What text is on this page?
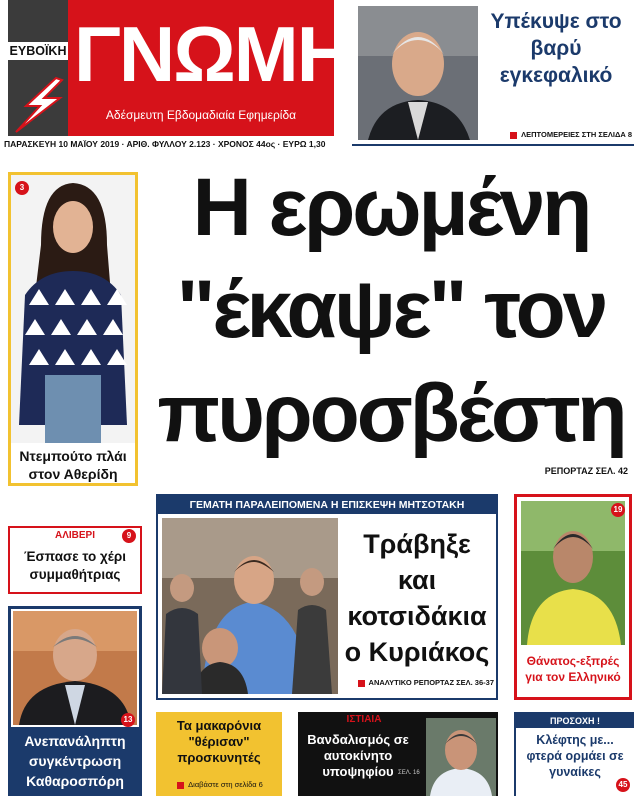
ΕΥΒΟΪΚΗ ΓΝΩΜΗ
Αδέσμευτη Εβδομαδιαία Εφημερίδα
ΠΑΡΑΣΚΕΥΗ 10 ΜΑΪΟΥ 2019 · ΑΡΙΘ. ΦΥΛΛΟΥ 2.123 · ΧΡΟΝΟΣ 44ος · ΕΥΡΩ 1,30
Υπέκυψε στο βαρύ εγκεφαλικό
ΛΕΠΤΟΜΕΡΕΙΕΣ ΣΤΗ ΣΕΛΙΔΑ 8
3
Ντεμπούτο πλάι στον Αθερίδη
Η ερωμένη
"έκαψε" τον
πυροσβέστη
ΡΕΠΟΡΤΑΖ ΣΕΛ. 42
ΑΛΙΒΕΡΙ	9
Έσπασε το χέρι συμμαθήτριας
ΓΕΜΑΤΗ ΠΑΡΑΛΕΙΠΟΜΕΝΑ Η ΕΠΙΣΚΕΨΗ ΜΗΤΣΟΤΑΚΗ
Τράβηξε και κοτσιδάκια ο Κυριάκος
ΑΝΑΛΥΤΙΚΟ ΡΕΠΟΡΤΑΖ ΣΕΛ. 36-37
19
Θάνατος-εξπρές για τον Ελληνικό
13
Ανεπανάληπτη συγκέντρωση Καθαροσπόρη
Τα μακαρόνια "θέρισαν" προσκυνητές
Διαβάστε στη σελίδα 6
ΙΣΤΙΑΙΑ
Βανδαλισμός σε αυτοκίνητο υποψηφίου ΣΕΛ. 16
ΠΡΟΣΟΧΗ !
Κλέφτης με... φτερά ορμάει σε γυναίκες
45
